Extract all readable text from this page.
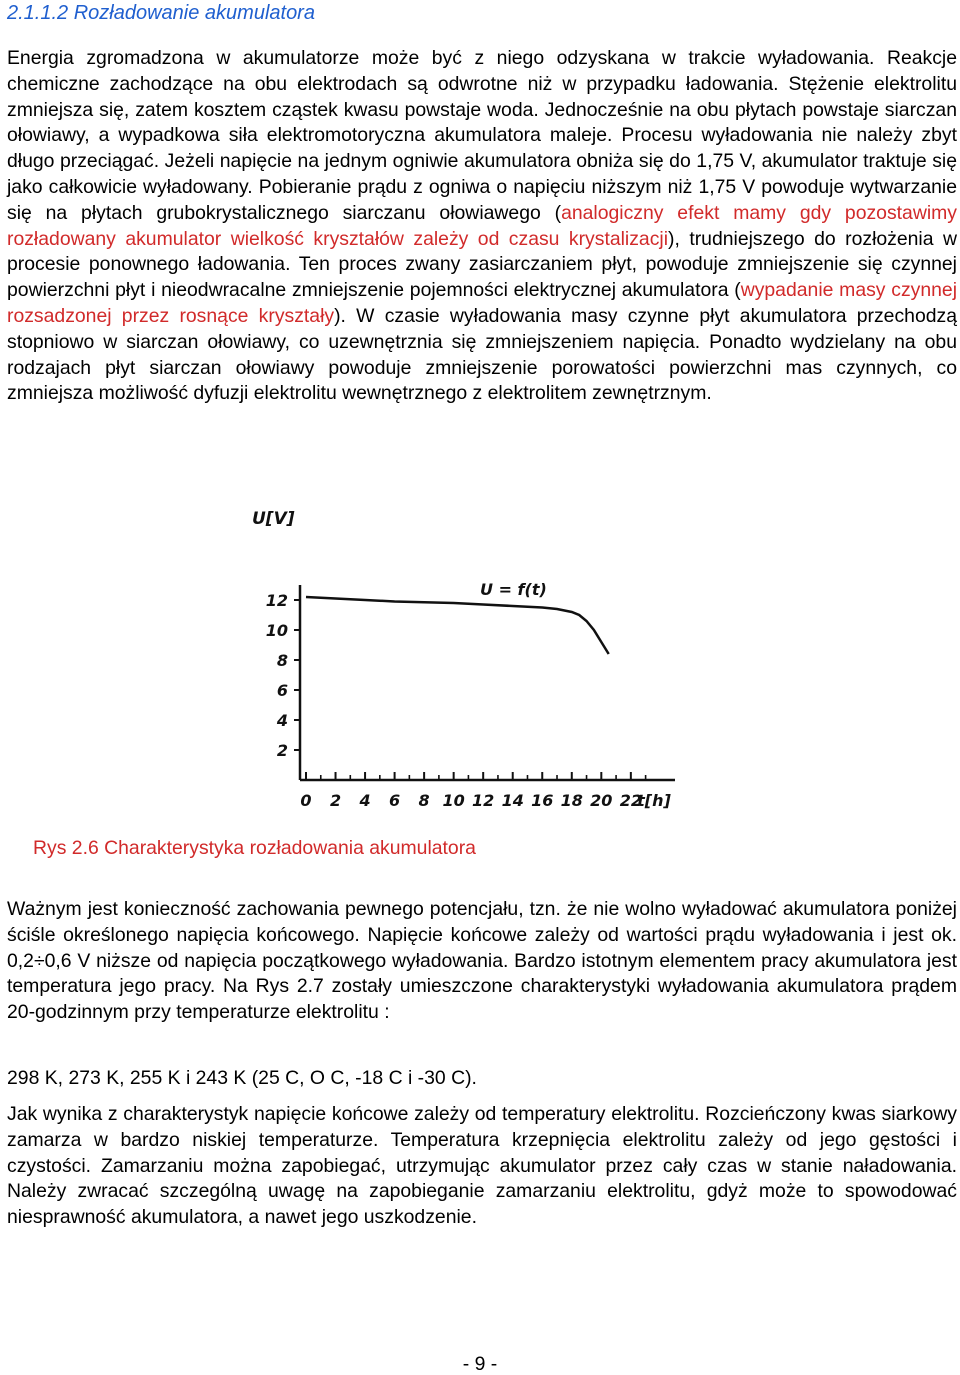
2.1.1.2 Rozładowanie akumulatora

Energia zgromadzona w akumulatorze może być z niego odzyskana w trakcie wyładowania. Reakcje chemiczne zachodzące na obu elektrodach są odwrotne niż w przypadku ładowania. Stężenie elektrolitu zmniejsza się, zatem kosztem cząstek kwasu powstaje woda. Jednocześnie na obu płytach powstaje siarczan ołowiawy, a wypadkowa siła elektromotoryczna akumulatora maleje. Procesu wyładowania nie należy zbyt długo przeciągać. Jeżeli napięcie na jednym ogniwie akumulatora obniża się do 1,75 V, akumulator traktuje się jako całkowicie wyładowany. Pobieranie prądu z ogniwa o napięciu niższym niż 1,75 V powoduje wytwarzanie się na płytach grubokrystalicznego siarczanu ołowiawego (analogiczny efekt mamy gdy pozostawimy rozładowany akumulator wielkość kryształów zależy od czasu krystalizacji), trudniejszego do rozłożenia w procesie ponownego ładowania. Ten proces zwany zasiarczaniem płyt, powoduje zmniejszenie się czynnej powierzchni płyt i nieodwracalne zmniejszenie pojemności elektrycznej akumulatora (wypadanie masy czynnej rozsadzonej przez rosnące kryształy). W czasie wyładowania masy czynne płyt akumulatora przechodzą stopniowo w siarczan ołowiawy, co uzewnętrznia się zmniejszeniem napięcia. Ponadto wydzielany na obu rodzajach płyt siarczan ołowiawy powoduje zmniejszenie porowatości powierzchni mas czynnych, co zmniejsza możliwość dyfuzji elektrolitu wewnętrznego z elektrolitem zewnętrznym.

U[V]
U = f(t)
2
4
6
8
10
12
0 2 4 6 8 10 12 14 16 18 20 22
t[h]

Rys 2.6 Charakterystyka rozładowania akumulatora

Ważnym jest konieczność zachowania pewnego potencjału, tzn. że nie wolno wyładować akumulatora poniżej ściśle określonego napięcia końcowego. Napięcie końcowe zależy od wartości prądu wyładowania i jest ok. 0,2÷0,6 V niższe od napięcia początkowego wyładowania. Bardzo istotnym elementem pracy akumulatora jest temperatura jego pracy. Na Rys 2.7 zostały umieszczone charakterystyki wyładowania akumulatora prądem 20-godzinnym przy temperaturze elektrolitu :

298 K, 273 K, 255 K i 243 K (25 C, O C, -18 C i -30 C).

Jak wynika z charakterystyk napięcie końcowe zależy od temperatury elektrolitu. Rozcieńczony kwas siarkowy zamarza w bardzo niskiej temperaturze. Temperatura krzepnięcia elektrolitu zależy od jego gęstości i czystości. Zamarzaniu można zapobiegać, utrzymując akumulator przez cały czas w stanie naładowania. Należy zwracać szczególną uwagę na zapobieganie zamarzaniu elektrolitu, gdyż może to spowodować niesprawność akumulatora, a nawet jego uszkodzenie.

- 9 -
